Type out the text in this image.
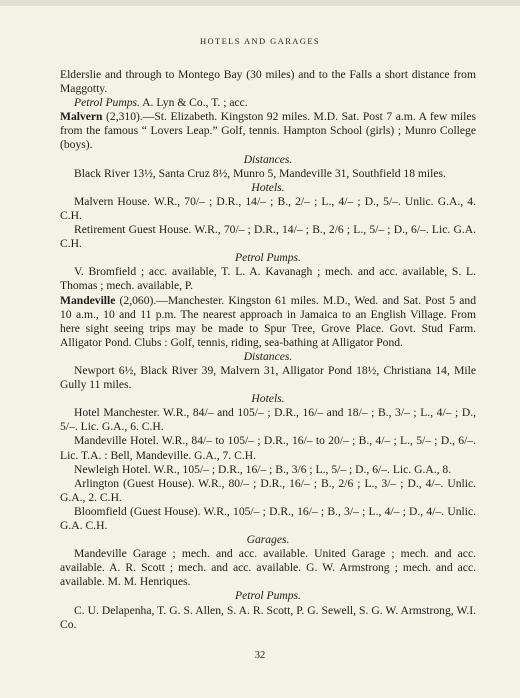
HOTELS AND GARAGES

Elderslie and through to Montego Bay (30 miles) and to the Falls a short distance from Maggotty.

Petrol Pumps. A. Lyn & Co., T. ; acc.

Malvern (2,310).—St. Elizabeth. Kingston 92 miles. M.D. Sat. Post 7 a.m. A few miles from the famous “ Lovers Leap.” Golf, tennis. Hampton School (girls) ; Munro College (boys).

Distances.

Black River 13½, Santa Cruz 8½, Munro 5, Mandeville 31, Southfield 18 miles.

Hotels.

Malvern House. W.R., 70/– ; D.R., 14/– ; B., 2/– ; L., 4/– ; D., 5/–. Unlic. G.A., 4. C.H.

Retirement Guest House. W.R., 70/– ; D.R., 14/– ; B., 2/6 ; L., 5/– ; D., 6/–. Lic. G.A. C.H.

Petrol Pumps.

V. Bromfield ; acc. available, T. L. A. Kavanagh ; mech. and acc. available, S. L. Thomas ; mech. available, P.

Mandeville (2,060).—Manchester. Kingston 61 miles. M.D., Wed. and Sat. Post 5 and 10 a.m., 10 and 11 p.m. The nearest approach in Jamaica to an English Village. From here sight seeing trips may be made to Spur Tree, Grove Place. Govt. Stud Farm. Alligator Pond. Clubs : Golf, tennis, riding, sea-bathing at Alligator Pond.

Distances.

Newport 6½, Black River 39, Malvern 31, Alligator Pond 18½, Christiana 14, Mile Gully 11 miles.

Hotels.

Hotel Manchester. W.R., 84/– and 105/– ; D.R., 16/– and 18/– ; B., 3/– ; L., 4/– ; D., 5/–. Lic. G.A., 6. C.H.

Mandeville Hotel. W.R., 84/– to 105/– ; D.R., 16/– to 20/– ; B., 4/– ; L., 5/– ; D., 6/–. Lic. T.A. : Bell, Mandeville. G.A., 7. C.H.

Newleigh Hotel. W.R., 105/– ; D.R., 16/– ; B., 3/6 ; L., 5/– ; D., 6/–. Lic. G.A., 8.

Arlington (Guest House). W.R., 80/– ; D.R., 16/– ; B., 2/6 ; L., 3/– ; D., 4/–. Unlic. G.A., 2. C.H.

Bloomfield (Guest House). W.R., 105/– ; D.R., 16/– ; B., 3/– ; L., 4/– ; D., 4/–. Unlic. G.A. C.H.

Garages.

Mandeville Garage ; mech. and acc. available. United Garage ; mech. and acc. available. A. R. Scott ; mech. and acc. available. G. W. Armstrong ; mech. and acc. available. M. M. Henriques.

Petrol Pumps.

C. U. Delapenha, T. G. S. Allen, S. A. R. Scott, P. G. Sewell, S. G. W. Armstrong, W.I. Co.

32
